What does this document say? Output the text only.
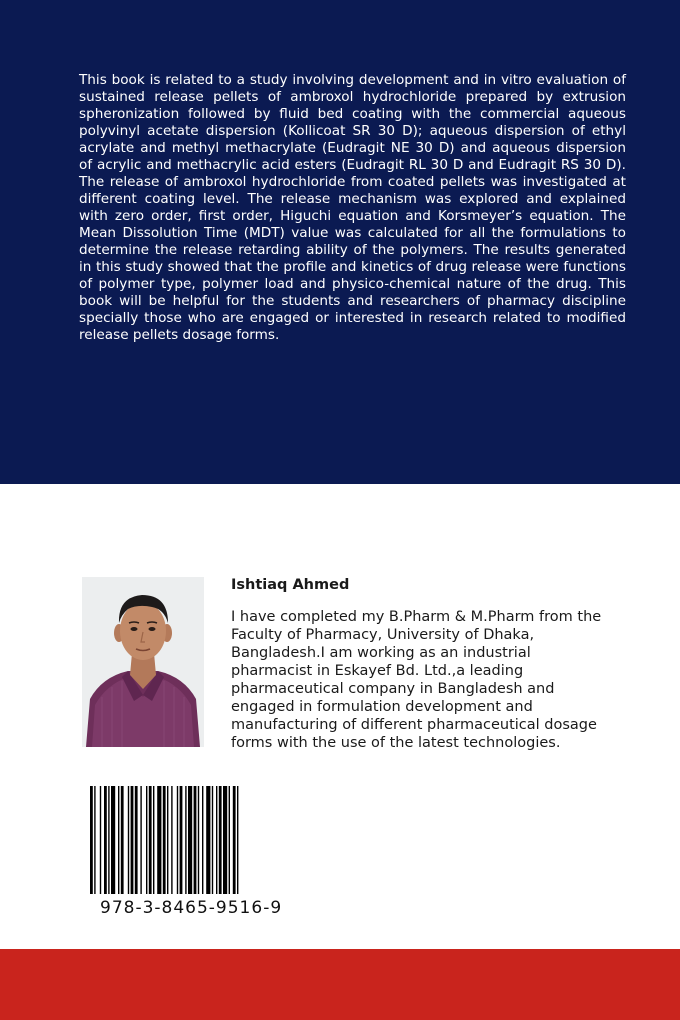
This book is related to a study involving development and in vitro evaluation of sustained release pellets of ambroxol hydrochloride prepared by extrusion spheronization followed by fluid bed coating with the commercial aqueous polyvinyl acetate dispersion (Kollicoat SR 30 D); aqueous dispersion of ethyl acrylate and methyl methacrylate (Eudragit NE 30 D) and aqueous dispersion of acrylic and methacrylic acid esters (Eudragit RL 30 D and Eudragit RS 30 D). The release of ambroxol hydrochloride from coated pellets was investigated at different coating level. The release mechanism was explored and explained with zero order, first order, Higuchi equation and Korsmeyer’s equation. The Mean Dissolution Time (MDT) value was calculated for all the formulations to determine the release retarding ability of the polymers. The results generated in this study showed that the profile and kinetics of drug release were functions of polymer type, polymer load and physico-chemical nature of the drug. This book will be helpful for the students and researchers of pharmacy discipline specially those who are engaged or interested in research related to modified release pellets dosage forms.

Ishtiaq Ahmed

I have completed my B.Pharm & M.Pharm from the Faculty of Pharmacy, University of Dhaka, Bangladesh.I am working as an industrial pharmacist in Eskayef Bd. Ltd.,a leading pharmaceutical company in Bangladesh and engaged in formulation development and manufacturing of different pharmaceutical dosage forms with the use of the latest technologies.

978-3-8465-9516-9
